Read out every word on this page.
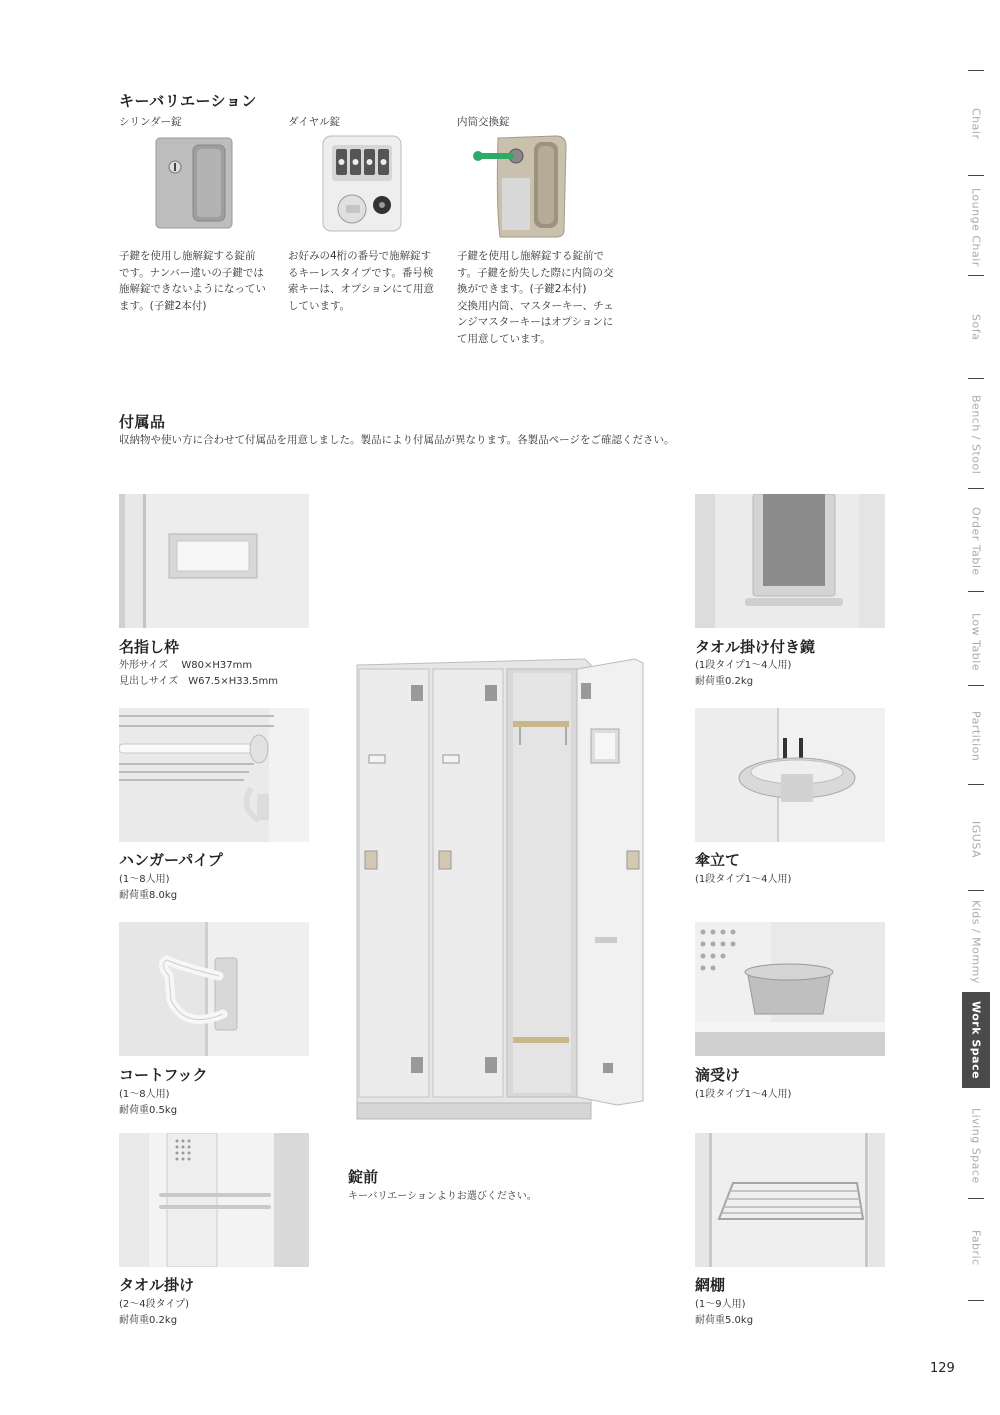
キーバリエーション
シリンダー錠
子鍵を使用し施解錠する錠前
です。ナンバー違いの子鍵では
施解錠できないようになってい
ます。(子鍵2本付)
ダイヤル錠
お好みの4桁の番号で施解錠す
るキーレスタイプです。番号検
索キーは、オプションにて用意
しています。
内筒交換錠
子鍵を使用し施解錠する錠前で
す。子鍵を紛失した際に内筒の交
換ができます。(子鍵2本付)
交換用内筒、マスターキー、チェ
ンジマスターキーはオプションに
て用意しています。
付属品
収納物や使い方に合わせて付属品を用意しました。製品により付属品が異なります。各製品ページをご確認ください。
名指し枠
外形サイズ　 W80×H37mm
見出しサイズ　W67.5×H33.5mm
ハンガーパイプ
(1〜8人用)
耐荷重8.0kg
コートフック
(1〜8人用)
耐荷重0.5kg
タオル掛け
(2〜4段タイプ)
耐荷重0.2kg
錠前
キーバリエーションよりお選びください。
タオル掛け付き鏡
(1段タイプ1〜4人用)
耐荷重0.2kg
傘立て
(1段タイプ1〜4人用)
滴受け
(1段タイプ1〜4人用)
網棚
(1〜9人用)
耐荷重5.0kg
Chair
Lounge Chair
Sofa
Bench / Stool
Order Table
Low Table
Partition
IGUSA
Kids / Mommy
Work Space
Living Space
Fabric
129
